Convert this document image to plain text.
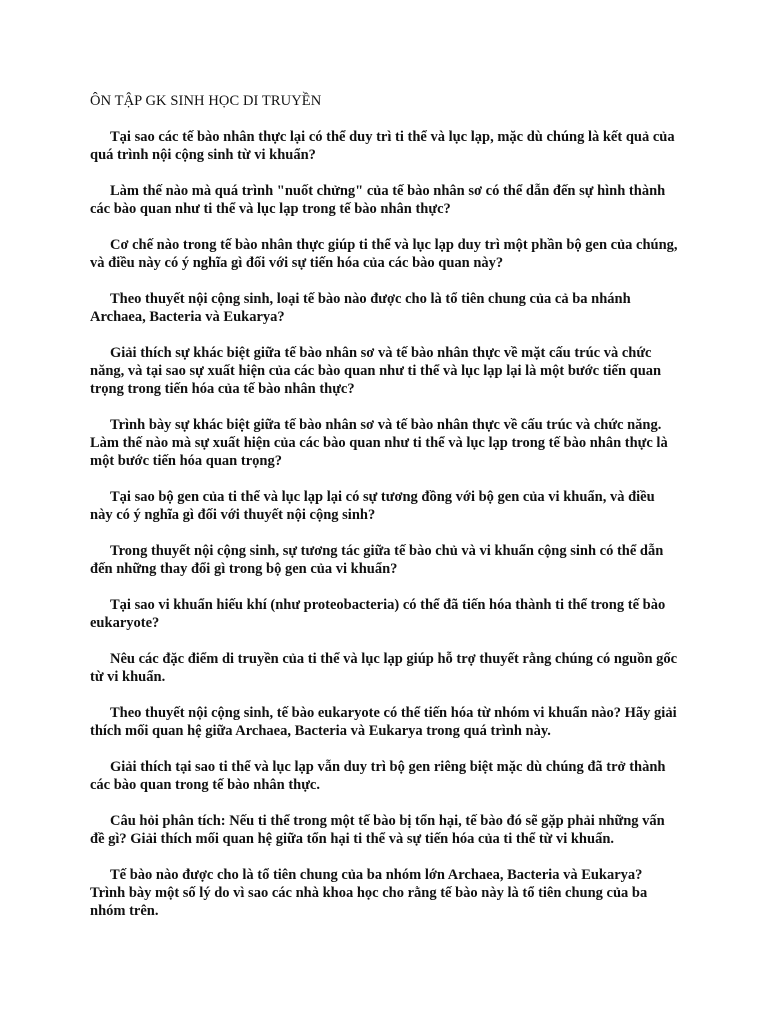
ÔN TẬP GK SINH HỌC DI TRUYỀN
Tại sao các tế bào nhân thực lại có thể duy trì ti thể và lục lạp, mặc dù chúng là kết quả của quá trình nội cộng sinh từ vi khuẩn?
Làm thế nào mà quá trình "nuốt chửng" của tế bào nhân sơ có thể dẫn đến sự hình thành các bào quan như ti thể và lục lạp trong tế bào nhân thực?
Cơ chế nào trong tế bào nhân thực giúp ti thể và lục lạp duy trì một phần bộ gen của chúng, và điều này có ý nghĩa gì đối với sự tiến hóa của các bào quan này?
Theo thuyết nội cộng sinh, loại tế bào nào được cho là tổ tiên chung của cả ba nhánh Archaea, Bacteria và Eukarya?
Giải thích sự khác biệt giữa tế bào nhân sơ và tế bào nhân thực về mặt cấu trúc và chức năng, và tại sao sự xuất hiện của các bào quan như ti thể và lục lạp lại là một bước tiến quan trọng trong tiến hóa của tế bào nhân thực?
Trình bày sự khác biệt giữa tế bào nhân sơ và tế bào nhân thực về cấu trúc và chức năng. Làm thế nào mà sự xuất hiện của các bào quan như ti thể và lục lạp trong tế bào nhân thực là một bước tiến hóa quan trọng?
Tại sao bộ gen của ti thể và lục lạp lại có sự tương đồng với bộ gen của vi khuẩn, và điều này có ý nghĩa gì đối với thuyết nội cộng sinh?
Trong thuyết nội cộng sinh, sự tương tác giữa tế bào chủ và vi khuẩn cộng sinh có thể dẫn đến những thay đổi gì trong bộ gen của vi khuẩn?
Tại sao vi khuẩn hiếu khí (như proteobacteria) có thể đã tiến hóa thành ti thể trong tế bào eukaryote?
Nêu các đặc điểm di truyền của ti thể và lục lạp giúp hỗ trợ thuyết rằng chúng có nguồn gốc từ vi khuẩn.
Theo thuyết nội cộng sinh, tế bào eukaryote có thể tiến hóa từ nhóm vi khuẩn nào? Hãy giải thích mối quan hệ giữa Archaea, Bacteria và Eukarya trong quá trình này.
Giải thích tại sao ti thể và lục lạp vẫn duy trì bộ gen riêng biệt mặc dù chúng đã trở thành các bào quan trong tế bào nhân thực.
Câu hỏi phân tích: Nếu ti thể trong một tế bào bị tổn hại, tế bào đó sẽ gặp phải những vấn đề gì? Giải thích mối quan hệ giữa tổn hại ti thể và sự tiến hóa của ti thể từ vi khuẩn.
Tế bào nào được cho là tổ tiên chung của ba nhóm lớn Archaea, Bacteria và Eukarya? Trình bày một số lý do vì sao các nhà khoa học cho rằng tế bào này là tổ tiên chung của ba nhóm trên.
